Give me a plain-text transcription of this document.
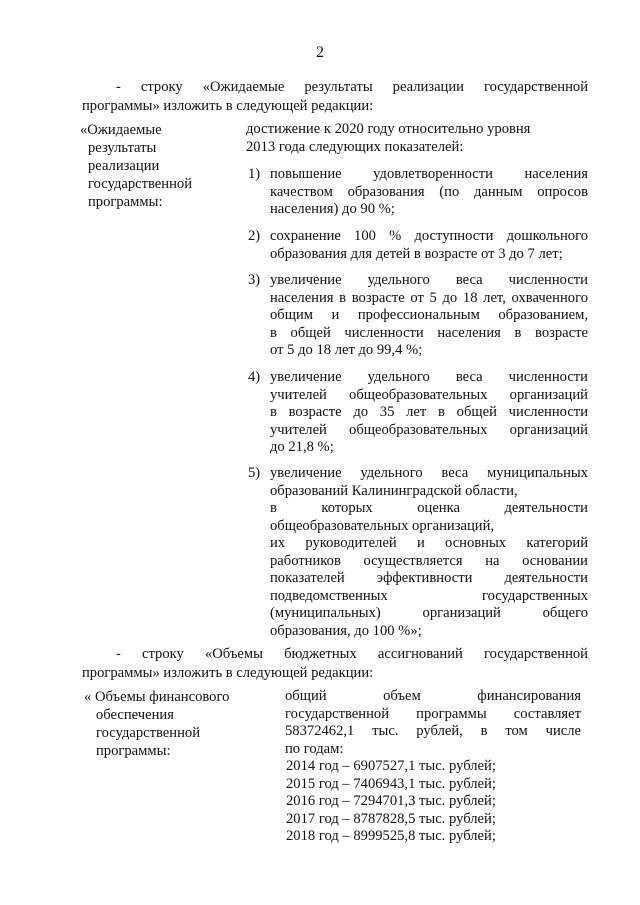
2
- строку «Ожидаемые результаты реализации государственной
программы» изложить в следующей редакции:
«Ожидаемые
результаты
реализации
государственной
программы:
достижение к 2020 году относительно уровня
2013 года следующих показателей:
1) повышение удовлетворенности населения
качеством образования (по данным опросов
населения) до 90 %;
2) сохранение 100 % доступности дошкольного
образования для детей в возрасте от 3 до 7 лет;
3) увеличение удельного веса численности
населения в возрасте от 5 до 18 лет, охваченного
общим и профессиональным образованием,
в общей численности населения в возрасте
от 5 до 18 лет до 99,4 %;
4) увеличение удельного веса численности
учителей общеобразовательных организаций
в возрасте до 35 лет в общей численности
учителей общеобразовательных организаций
до 21,8 %;
5) увеличение удельного веса муниципальных
образований Калининградской области,
в которых оценка деятельности
общеобразовательных организаций,
их руководителей и основных категорий
работников осуществляется на основании
показателей эффективности деятельности
подведомственных государственных
(муниципальных) организаций общего
образования, до 100 %»;
- строку «Объемы бюджетных ассигнований государственной
программы» изложить в следующей редакции:
« Объемы финансового
обеспечения
государственной
программы:
общий объем финансирования
государственной программы составляет
58372462,1 тыс. рублей, в том числе
по годам:
2014 год – 6907527,1 тыс. рублей;
2015 год – 7406943,1 тыс. рублей;
2016 год – 7294701,3 тыс. рублей;
2017 год – 8787828,5 тыс. рублей;
2018 год – 8999525,8 тыс. рублей;
